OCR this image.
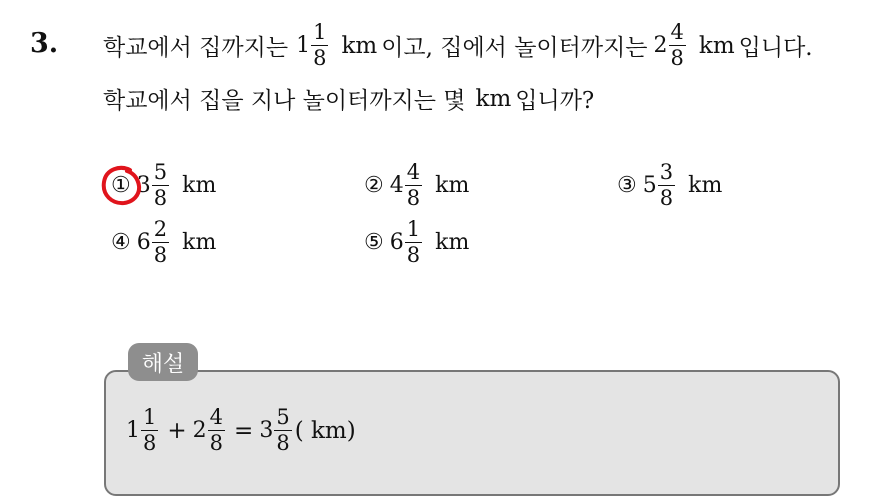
3. 학교에서 집까지는 $1 \frac{1}{8}$ km 이고, 집에서 놀이터까지는 $2 \frac{4}{8}$ km 입니다.
학교에서 집을 지나 놀이터까지는 몇 km 입니까?
① $3 \frac{5}{8}$ km	② $4 \frac{4}{8}$ km	③ $5 \frac{3}{8}$ km
④ $6 \frac{2}{8}$ km	⑤ $6 \frac{1}{8}$ km
해설
$1 \frac{1}{8} + 2 \frac{4}{8} = 3 \frac{5}{8}$ ( km)
